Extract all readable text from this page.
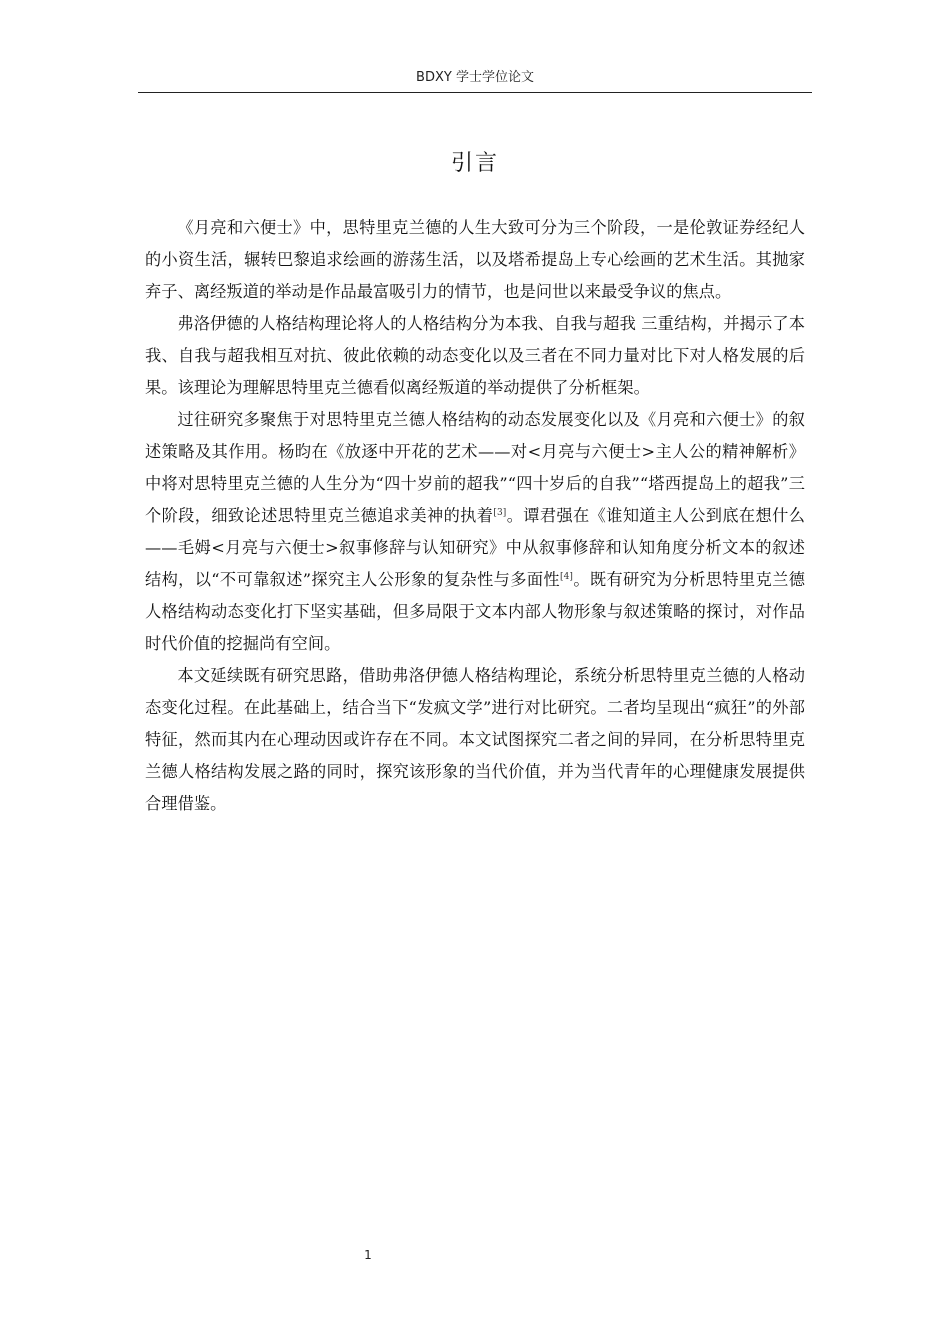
BDXY 学士学位论文
引言

《月亮和六便士》中，思特里克兰德的人生大致可分为三个阶段，一是伦敦证券经纪人的小资生活，辗转巴黎追求绘画的游荡生活，以及塔希提岛上专心绘画的艺术生活。其抛家弃子、离经叛道的举动是作品最富吸引力的情节，也是问世以来最受争议的焦点。

弗洛伊德的人格结构理论将人的人格结构分为本我、自我与超我 三重结构，并揭示了本我、自我与超我相互对抗、彼此依赖的动态变化以及三者在不同力量对比下对人格发展的后果。该理论为理解思特里克兰德看似离经叛道的举动提供了分析框架。

过往研究多聚焦于对思特里克兰德人格结构的动态发展变化以及《月亮和六便士》的叙述策略及其作用。杨昀在《放逐中开花的艺术——对<月亮与六便士>主人公的精神解析》中将对思特里克兰德的人生分为“四十岁前的超我”“四十岁后的自我”“塔西提岛上的超我”三个阶段，细致论述思特里克兰德追求美神的执着[3]。谭君强在《谁知道主人公到底在想什么——毛姆<月亮与六便士>叙事修辞与认知研究》中从叙事修辞和认知角度分析文本的叙述结构，以“不可靠叙述”探究主人公形象的复杂性与多面性[4]。既有研究为分析思特里克兰德人格结构动态变化打下坚实基础，但多局限于文本内部人物形象与叙述策略的探讨，对作品时代价值的挖掘尚有空间。

本文延续既有研究思路，借助弗洛伊德人格结构理论，系统分析思特里克兰德的人格动态变化过程。在此基础上，结合当下“发疯文学”进行对比研究。二者均呈现出“疯狂”的外部特征，然而其内在心理动因或许存在不同。本文试图探究二者之间的异同，在分析思特里克兰德人格结构发展之路的同时，探究该形象的当代价值，并为当代青年的心理健康发展提供合理借鉴。

1
